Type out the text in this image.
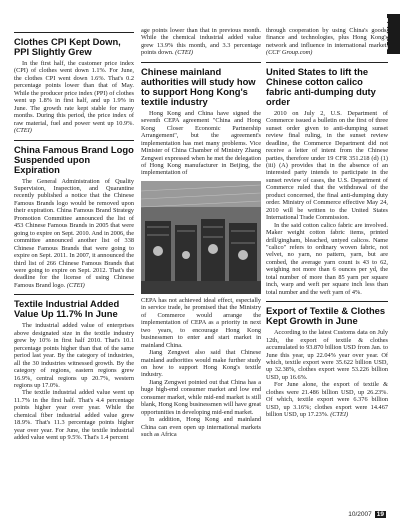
TEXTILE
Clothes CPI Kept Down, PPI Slightly Grew

In the first half, the customer price index (CPI) of clothes went down 1.1%. For June, the clothes CPI went down 1.6%. That's 0.2 percentage points lower than that of May. While the producer price index (PPI) of clothes went up 1.8% in first half, and up 1.9% in June. The growth rate kept stable for many months. During this period, the price index of raw material, fuel and power went up 10.9%. (CTEI)

China Famous Brand Logo Suspended upon Expiration

The General Administration of Quality Supervision, Inspection, and Quarantine recently published a notice that the Chinese Famous Brands logo would be removed upon their expiration. China Famous Brand Strategy Promotion Committee announced the list of 453 Chinese Famous Brands in 2005 that were going to expire on Sept. 2010. And in 2006, the committee announced another list of 338 Chinese Famous Brands that were going to expire on Sept. 2011. In 2007, it announced the third list of 266 Chinese Famous Brands that were going to expire on Sept. 2012. That's the deadline for the license of using Chinese Famous Brand logo. (CTEI)

Textile Industrial Added Value Up 11.7% In June

The industrial added value of enterprises above designated size in the textile industry grew by 10% in first half 2010. That's 10.1 percentage points higher than that of the same period last year. By the category of industries, all the 30 industries witnessed growth. By the category of regions, eastern regions grew 16.9%, central regions up 20.7%, western regions up 17.0%.

The textile industrial added value went up 11.7% in the first half. That's 4.4 percentage points higher year over year. While the chemical fiber industrial added value grew 18.9%. That's 11.3 percentage points higher year over year. For June, the textile industrial added value went up 9.5%. That's 1.4 percent

age points lower than that in previous month. While the chemical industrial added value grew 13.9% this month, and 3.3 percentage points down. (CTEI)

Chinese mainland authorities will study how to support Hong Kong's textile industry

Hong Kong and China have signed the seventh CEPA agreement "China and Hong Kong Closer Economic Partnership Arrangement", but the agreement's implementation has met many problems. Vice Minister of China Chamber of Ministry Zhang Zengwei expressed when he met the delegation of Hong Kong manufacturer in Beijing, the implementation of

CEPA has not achieved ideal effect, especially in service trade, he promised that the Ministry of Commerce would arrange the implementation of CEPA as a priority in next two years, to encourage Hong Kong businessmen to enter and start market in mainland China.

Jiang Zengwei also said that Chinese mainland authorities would make further study on how to support Hong Kong's textile industry.

Jiang Zengwei pointed out that China has a huge high-end consumer market and low end consumer market, while mid-end market is still blank, Hong Kong businessmen will have great opportunities in developing mid-end market.

In addition, Hong Kong and mainland China can even open up international markets such as Africa

through cooperation by using China's goods, finance and technologies, plus Hong Kong's network and influence in international market. (CCF Group.com)

United States to lift the Chinese cotton calico fabric anti-dumping duty order

2010 on July 2, U.S. Department of Commerce issued a bulletin on the first of three sunset order given to anti-dumping sunset review final ruling, in the sunset review deadline, the Commerce Department did not receive a letter of intent from the Chinese parties, therefore under 19 CFR 351.218 (d) (1) (iii) (A) provides that in the absence of an interested party intends to participate in the sunset review of cases, the U.S. Department of Commerce ruled that the withdrawal of the product concerned, the final anti-dumping duty order. Ministry of Commerce effective May 24, 2010 will be written to the United States International Trade Commission.

In the said cotton calico fabric are involved. Maker weight cotton fabric items, printed drill/gingham, bleached, untyed calicos. Name "calico" refers to ordinary woven fabric, not velvet, no yarn, no pattern, yarn, but are combed, the average yarn count is 43 to 62, weighing not more than 6 ounces per yd, the total number of more than 85 yarn per square inch, warp and weft per square inch less than total number and the weft yarn of 4%.

Export of Textile & Clothes Kept Growth in June

According to the latest Customs data on July 12th, the export of textile & clothes accumulated to 93.870 billion USD from Jan. to June this year, up 22.04% year over year. Of which, textile export were 35.622 billion USD, up 32.38%, clothes export were 53.226 billion USD, up 16.6%.

For June alone, the export of textile & clothes were 21.486 billion USD, up 26.23%. Of which, textile export were 6.376 billion USD, up 3.16%; clothes export were 14.467 billion USD, up 17.23%. (CTEI)

10/2007 19
